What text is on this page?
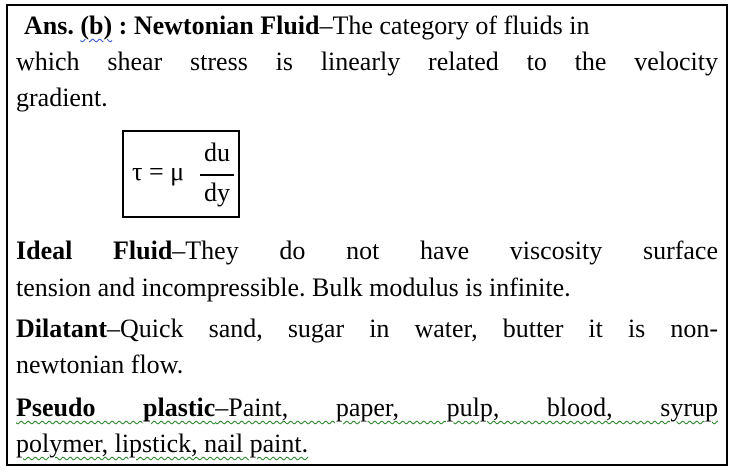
Ans. (b) : Newtonian Fluid–The category of fluids in

which shear stress is linearly related to the velocity

gradient.

τ = μ
du
dy

Ideal Fluid–They do not have viscosity surface

tension and incompressible. Bulk modulus is infinite.

Dilatant–Quick sand, sugar in water, butter it is non-

newtonian flow.

Pseudo plastic–Paint, paper, pulp, blood, syrup

polymer, lipstick, nail paint.
